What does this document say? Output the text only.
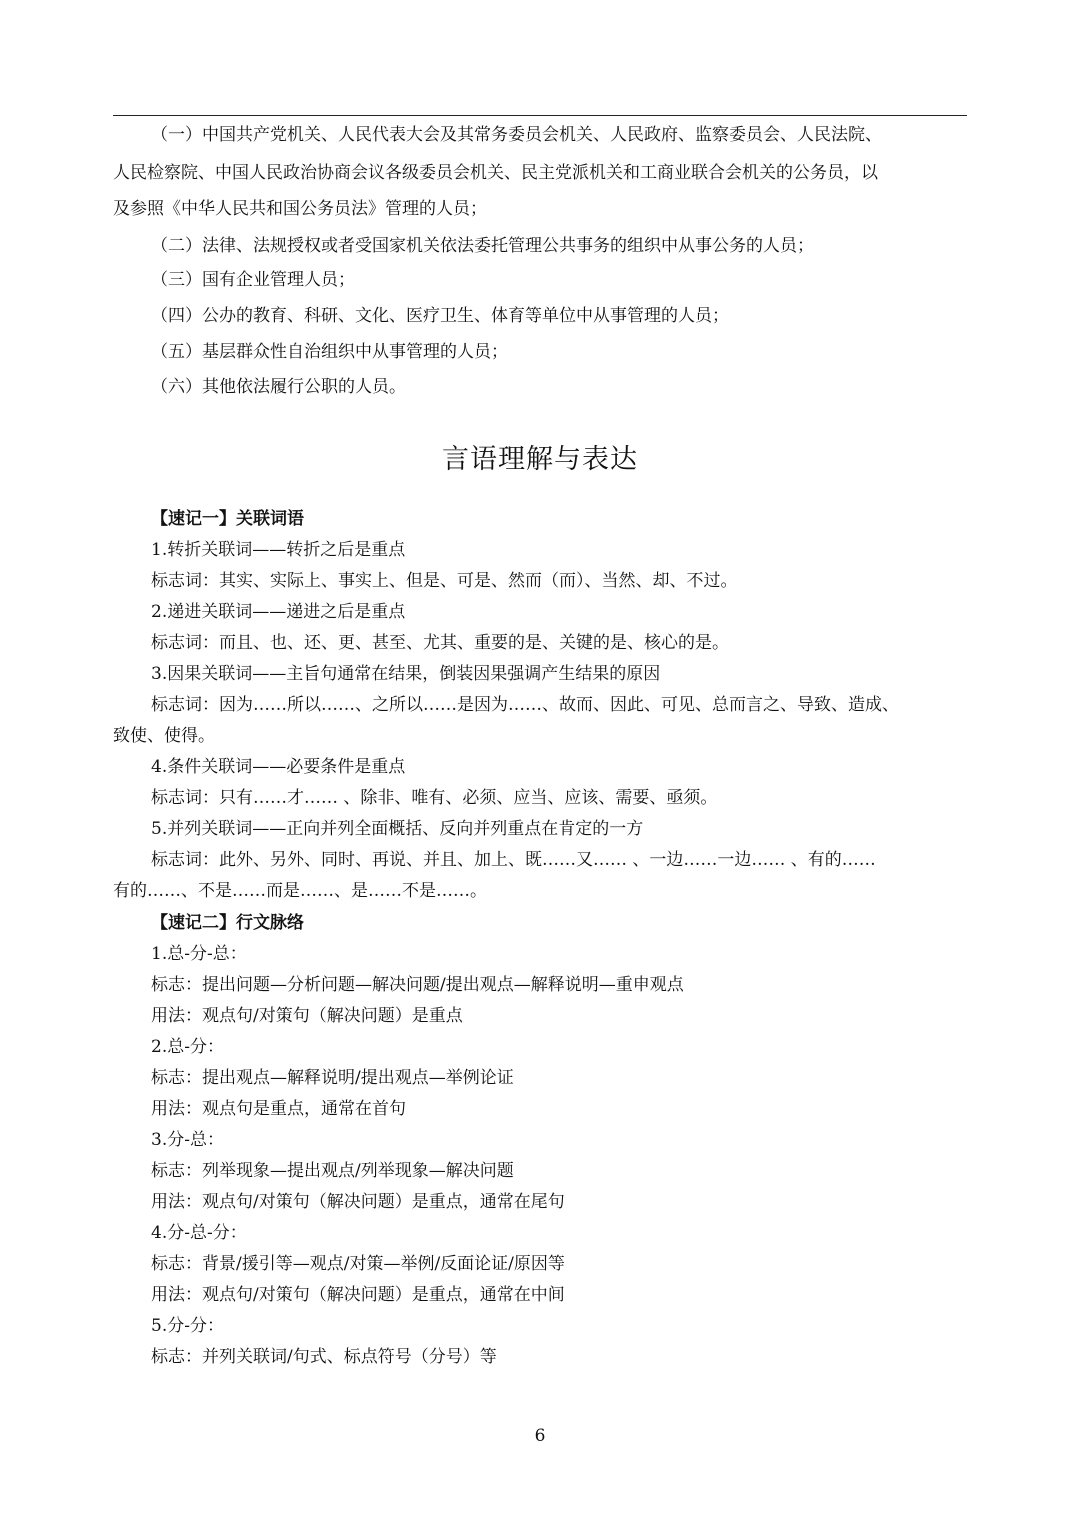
（一）中国共产党机关、人民代表大会及其常务委员会机关、人民政府、监察委员会、人民法院、
人民检察院、中国人民政治协商会议各级委员会机关、民主党派机关和工商业联合会机关的公务员，以
及参照《中华人民共和国公务员法》管理的人员；
（二）法律、法规授权或者受国家机关依法委托管理公共事务的组织中从事公务的人员；
（三）国有企业管理人员；
（四）公办的教育、科研、文化、医疗卫生、体育等单位中从事管理的人员；
（五）基层群众性自治组织中从事管理的人员；
（六）其他依法履行公职的人员。
言语理解与表达
【速记一】关联词语
1.转折关联词——转折之后是重点
标志词：其实、实际上、事实上、但是、可是、然而（而）、当然、却、不过。
2.递进关联词——递进之后是重点
标志词：而且、也、还、更、甚至、尤其、重要的是、关键的是、核心的是。
3.因果关联词——主旨句通常在结果，倒装因果强调产生结果的原因
标志词：因为……所以……、之所以……是因为……、故而、因此、可见、总而言之、导致、造成、
致使、使得。
4.条件关联词——必要条件是重点
标志词：只有……才…… 、除非、唯有、必须、应当、应该、需要、亟须。
5.并列关联词——正向并列全面概括、反向并列重点在肯定的一方
标志词：此外、另外、同时、再说、并且、加上、既……又…… 、一边……一边…… 、有的……
有的……、不是……而是……、是……不是……。
【速记二】行文脉络
1.总-分-总：
标志：提出问题—分析问题—解决问题/提出观点—解释说明—重申观点
用法：观点句/对策句（解决问题）是重点
2.总-分：
标志：提出观点—解释说明/提出观点—举例论证
用法：观点句是重点，通常在首句
3.分-总：
标志：列举现象—提出观点/列举现象—解决问题
用法：观点句/对策句（解决问题）是重点，通常在尾句
4.分-总-分：
标志：背景/援引等—观点/对策—举例/反面论证/原因等
用法：观点句/对策句（解决问题）是重点，通常在中间
5.分-分：
标志：并列关联词/句式、标点符号（分号）等
6
